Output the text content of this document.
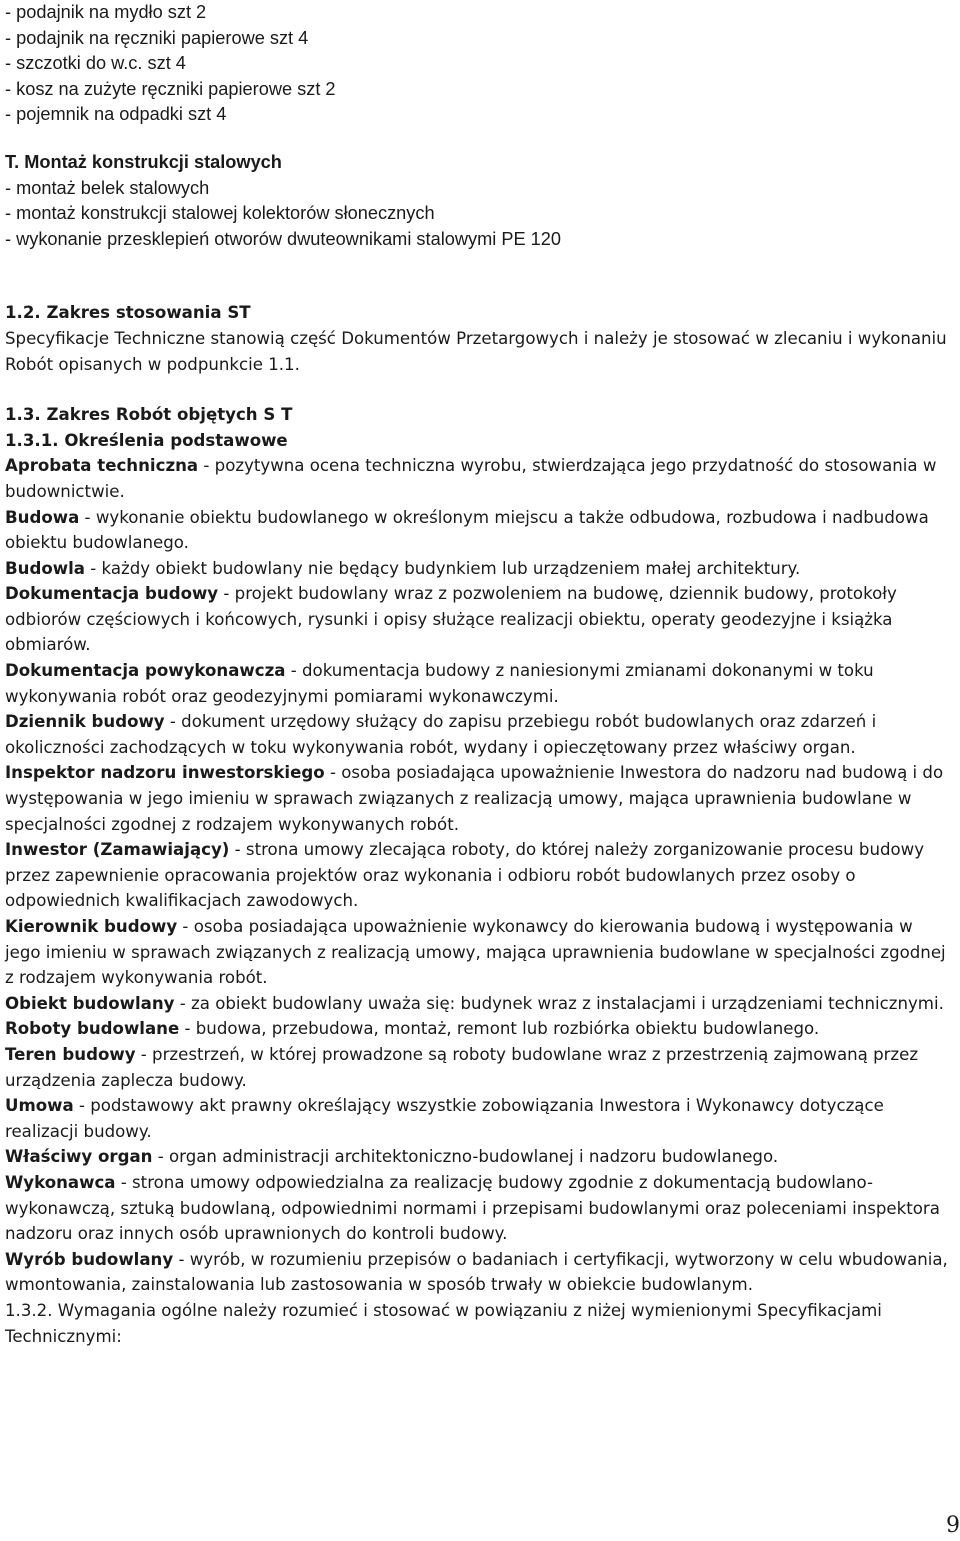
- podajnik na mydło szt 2
- podajnik na ręczniki papierowe szt 4
- szczotki do w.c. szt 4
- kosz na zużyte ręczniki papierowe szt 2
- pojemnik na odpadki szt 4
T. Montaż konstrukcji stalowych
- montaż belek stalowych
- montaż konstrukcji stalowej kolektorów słonecznych
- wykonanie przesklepień otworów dwuteownikami stalowymi PE 120
1.2. Zakres stosowania ST
Specyfikacje Techniczne stanowią część Dokumentów Przetargowych i należy je stosować w zlecaniu i wykonaniu Robót opisanych w podpunkcie 1.1.
1.3. Zakres Robót objętych S T
1.3.1. Określenia podstawowe
Aprobata techniczna - pozytywna ocena techniczna wyrobu, stwierdzająca jego przydatność do stosowania w budownictwie.
Budowa - wykonanie obiektu budowlanego w określonym miejscu a także odbudowa, rozbudowa i nadbudowa obiektu budowlanego.
Budowla - każdy obiekt budowlany nie będący budynkiem lub urządzeniem małej architektury.
Dokumentacja budowy - projekt budowlany wraz z pozwoleniem na budowę, dziennik budowy, protokoły odbiorów częściowych i końcowych, rysunki i opisy służące realizacji obiektu, operaty geodezyjne i książka obmiarów.
Dokumentacja powykonawcza - dokumentacja budowy z naniesionymi zmianami dokonanymi w toku wykonywania robót oraz geodezyjnymi pomiarami wykonawczymi.
Dziennik budowy - dokument urzędowy służący do zapisu przebiegu robót budowlanych oraz zdarzeń i okoliczności zachodzących w toku wykonywania robót, wydany i opieczętowany przez właściwy organ.
Inspektor nadzoru inwestorskiego - osoba posiadająca upoważnienie Inwestora do nadzoru nad budową i do występowania w jego imieniu w sprawach związanych z realizacją umowy, mająca uprawnienia budowlane w specjalności zgodnej z rodzajem wykonywanych robót.
Inwestor (Zamawiający) - strona umowy zlecająca roboty, do której należy zorganizowanie procesu budowy przez zapewnienie opracowania projektów oraz wykonania i odbioru robót budowlanych przez osoby o odpowiednich kwalifikacjach zawodowych.
Kierownik budowy - osoba posiadająca upoważnienie wykonawcy do kierowania budową i występowania w jego imieniu w sprawach związanych z realizacją umowy, mająca uprawnienia budowlane w specjalności zgodnej z rodzajem wykonywania robót.
Obiekt budowlany - za obiekt budowlany uważa się: budynek wraz z instalacjami i urządzeniami technicznymi.
Roboty budowlane - budowa, przebudowa, montaż, remont lub rozbiórka obiektu budowlanego.
Teren budowy - przestrzeń, w której prowadzone są roboty budowlane wraz z przestrzenią zajmowaną przez urządzenia zaplecza budowy.
Umowa - podstawowy akt prawny określający wszystkie zobowiązania Inwestora i Wykonawcy dotyczące realizacji budowy.
Właściwy organ - organ administracji architektoniczno-budowlanej i nadzoru budowlanego.
Wykonawca - strona umowy odpowiedzialna za realizację budowy zgodnie z dokumentacją budowlano-wykonawczą, sztuką budowlaną, odpowiednimi normami i przepisami budowlanymi oraz poleceniami inspektora nadzoru oraz innych osób uprawnionych do kontroli budowy.
Wyrób budowlany - wyrób, w rozumieniu przepisów o badaniach i certyfikacji, wytworzony w celu wbudowania, wmontowania, zainstalowania lub zastosowania w sposób trwały w obiekcie budowlanym.
1.3.2. Wymagania ogólne należy rozumieć i stosować w powiązaniu z niżej wymienionymi Specyfikacjami Technicznymi:
9
